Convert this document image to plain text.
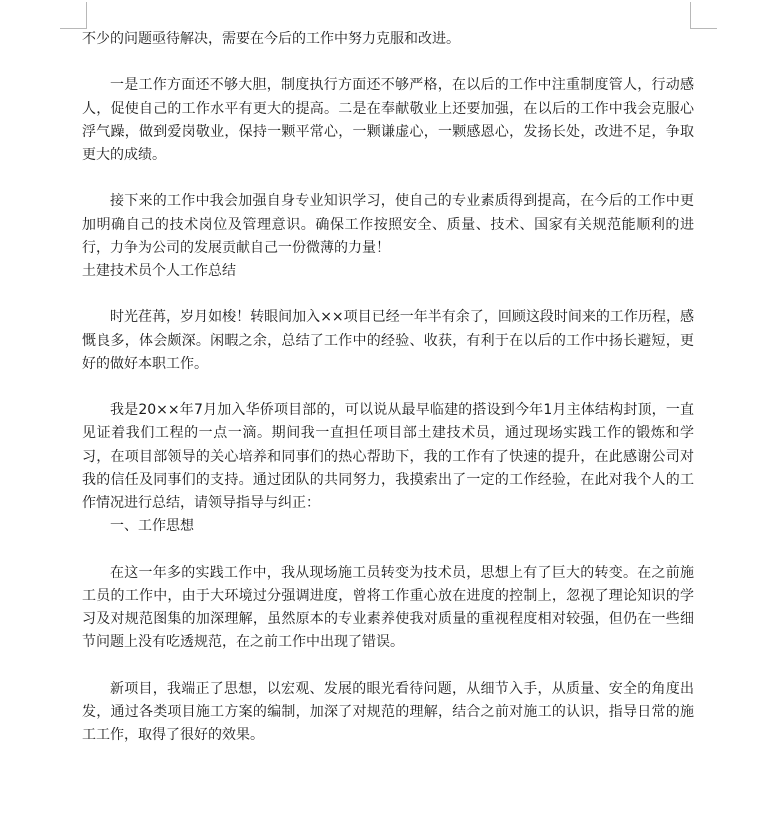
不少的问题亟待解决，需要在今后的工作中努力克服和改进。

一是工作方面还不够大胆，制度执行方面还不够严格，在以后的工作中注重制度管人，行动感人，促使自己的工作水平有更大的提高。二是在奉献敬业上还要加强，在以后的工作中我会克服心浮气躁，做到爱岗敬业，保持一颗平常心，一颗谦虚心，一颗感恩心，发扬长处，改进不足，争取更大的成绩。

接下来的工作中我会加强自身专业知识学习，使自己的专业素质得到提高，在今后的工作中更加明确自己的技术岗位及管理意识。确保工作按照安全、质量、技术、国家有关规范能顺利的进行，力争为公司的发展贡献自己一份微薄的力量！

土建技术员个人工作总结

时光荏苒，岁月如梭！转眼间加入××项目已经一年半有余了，回顾这段时间来的工作历程，感慨良多，体会颇深。闲暇之余，总结了工作中的经验、收获，有利于在以后的工作中扬长避短，更好的做好本职工作。

我是20××年7月加入华侨项目部的，可以说从最早临建的搭设到今年1月主体结构封顶，一直见证着我们工程的一点一滴。期间我一直担任项目部土建技术员，通过现场实践工作的锻炼和学习，在项目部领导的关心培养和同事们的热心帮助下，我的工作有了快速的提升，在此感谢公司对我的信任及同事们的支持。通过团队的共同努力，我摸索出了一定的工作经验，在此对我个人的工作情况进行总结，请领导指导与纠正：

一、工作思想

在这一年多的实践工作中，我从现场施工员转变为技术员，思想上有了巨大的转变。在之前施工员的工作中，由于大环境过分强调进度，曾将工作重心放在进度的控制上，忽视了理论知识的学习及对规范图集的加深理解，虽然原本的专业素养使我对质量的重视程度相对较强，但仍在一些细节问题上没有吃透规范，在之前工作中出现了错误。

新项目，我端正了思想，以宏观、发展的眼光看待问题，从细节入手，从质量、安全的角度出发，通过各类项目施工方案的编制，加深了对规范的理解，结合之前对施工的认识，指导日常的施工工作，取得了很好的效果。
